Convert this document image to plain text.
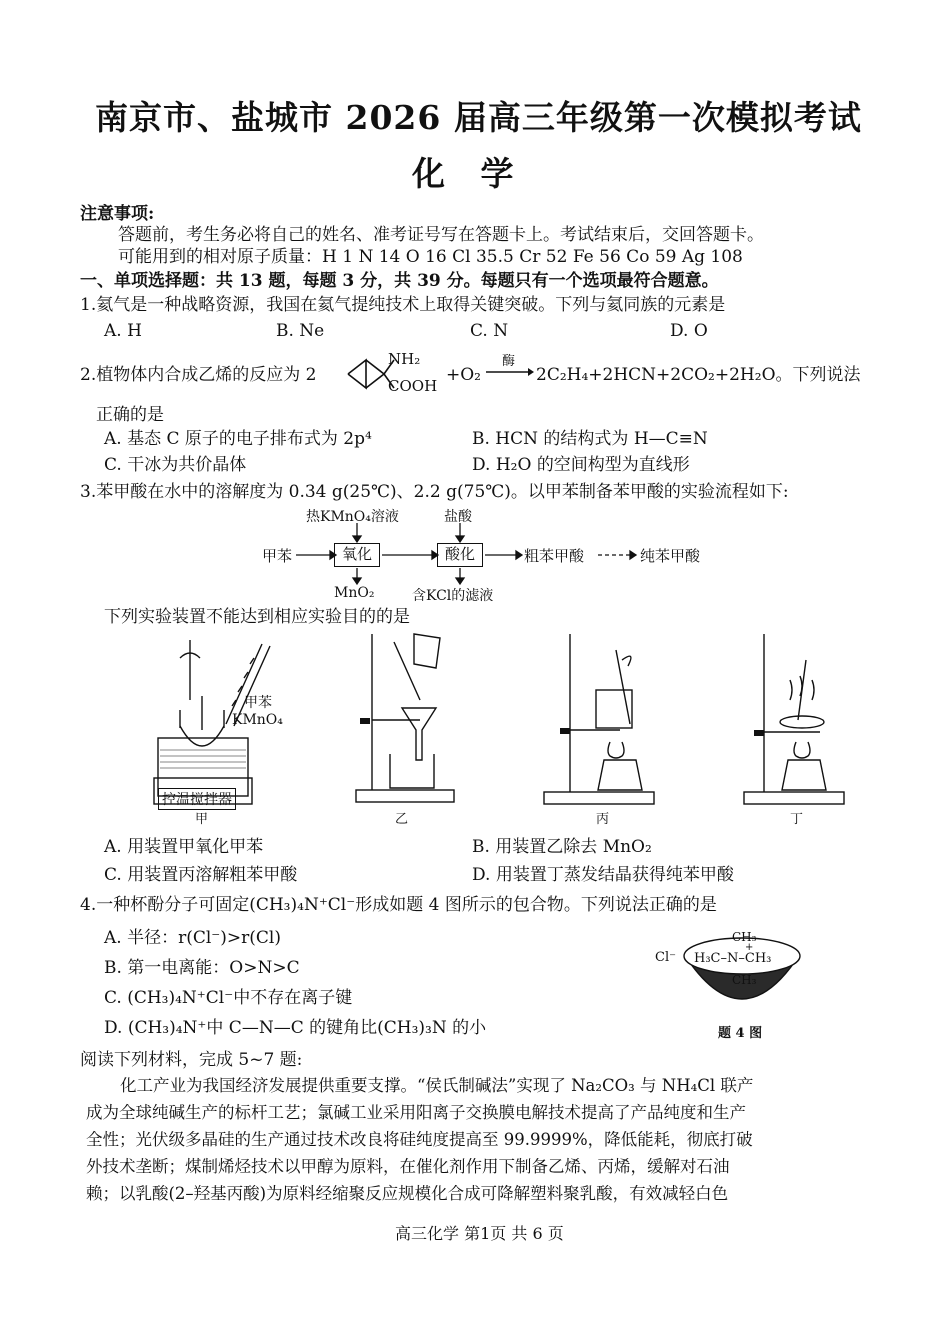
南京市、盐城市 2026 届高三年级第一次模拟考试
化 学
注意事项:
答题前，考生务必将自己的姓名、准考证号写在答题卡上。考试结束后，交回答题卡。
可能用到的相对原子质量：H 1 N 14 O 16 Cl 35.5 Cr 52 Fe 56 Co 59 Ag 108
一、单项选择题：共 13 题，每题 3 分，共 39 分。每题只有一个选项最符合题意。
1.氦气是一种战略资源，我国在氦气提纯技术上取得关键突破。下列与氦同族的元素是
A. H	B. Ne	C. N	D. O
2.植物体内合成乙烯的反应为 2
NH₂
COOH
+O₂
酶
→ 2C₂H₄+2HCN+2CO₂+2H₂O。下列说法
正确的是
A. 基态 C 原子的电子排布式为 2p⁴	B. HCN 的结构式为 H—C≡N
C. 干冰为共价晶体	D. H₂O 的空间构型为直线形
3.苯甲酸在水中的溶解度为 0.34 g(25℃)、2.2 g(75℃)。以甲苯制备苯甲酸的实验流程如下:
热KMnO₄溶液	盐酸
甲苯	氧化	酸化	粗苯甲酸	纯苯甲酸
MnO₂	含KCl的滤液
下列实验装置不能达到相应实验目的的是
甲苯
KMnO₄
控温搅拌器
甲	乙	丙	丁
A. 用装置甲氧化甲苯	B. 用装置乙除去 MnO₂
C. 用装置丙溶解粗苯甲酸	D. 用装置丁蒸发结晶获得纯苯甲酸
4.一种杯酚分子可固定(CH₃)₄N⁺Cl⁻形成如题 4 图所示的包合物。下列说法正确的是
A. 半径：r(Cl⁻)>r(Cl)
B. 第一电离能：O>N>C
C. (CH₃)₄N⁺Cl⁻中不存在离子键
D. (CH₃)₄N⁺中 C—N—C 的键角比(CH₃)₃N 的小
Cl⁻
CH₃
+
H₃C–N–CH₃
CH₃
题 4 图
阅读下列材料，完成 5~7 题:
化工产业为我国经济发展提供重要支撑。“侯氏制碱法”实现了 Na₂CO₃ 与 NH₄Cl 联产
成为全球纯碱生产的标杆工艺；氯碱工业采用阳离子交换膜电解技术提高了产品纯度和生产
全性；光伏级多晶硅的生产通过技术改良将硅纯度提高至 99.9999%，降低能耗，彻底打破
外技术垄断；煤制烯烃技术以甲醇为原料，在催化剂作用下制备乙烯、丙烯，缓解对石油
赖；以乳酸(2–羟基丙酸)为原料经缩聚反应规模化合成可降解塑料聚乳酸，有效减轻白色
高三化学 第1页 共 6 页
